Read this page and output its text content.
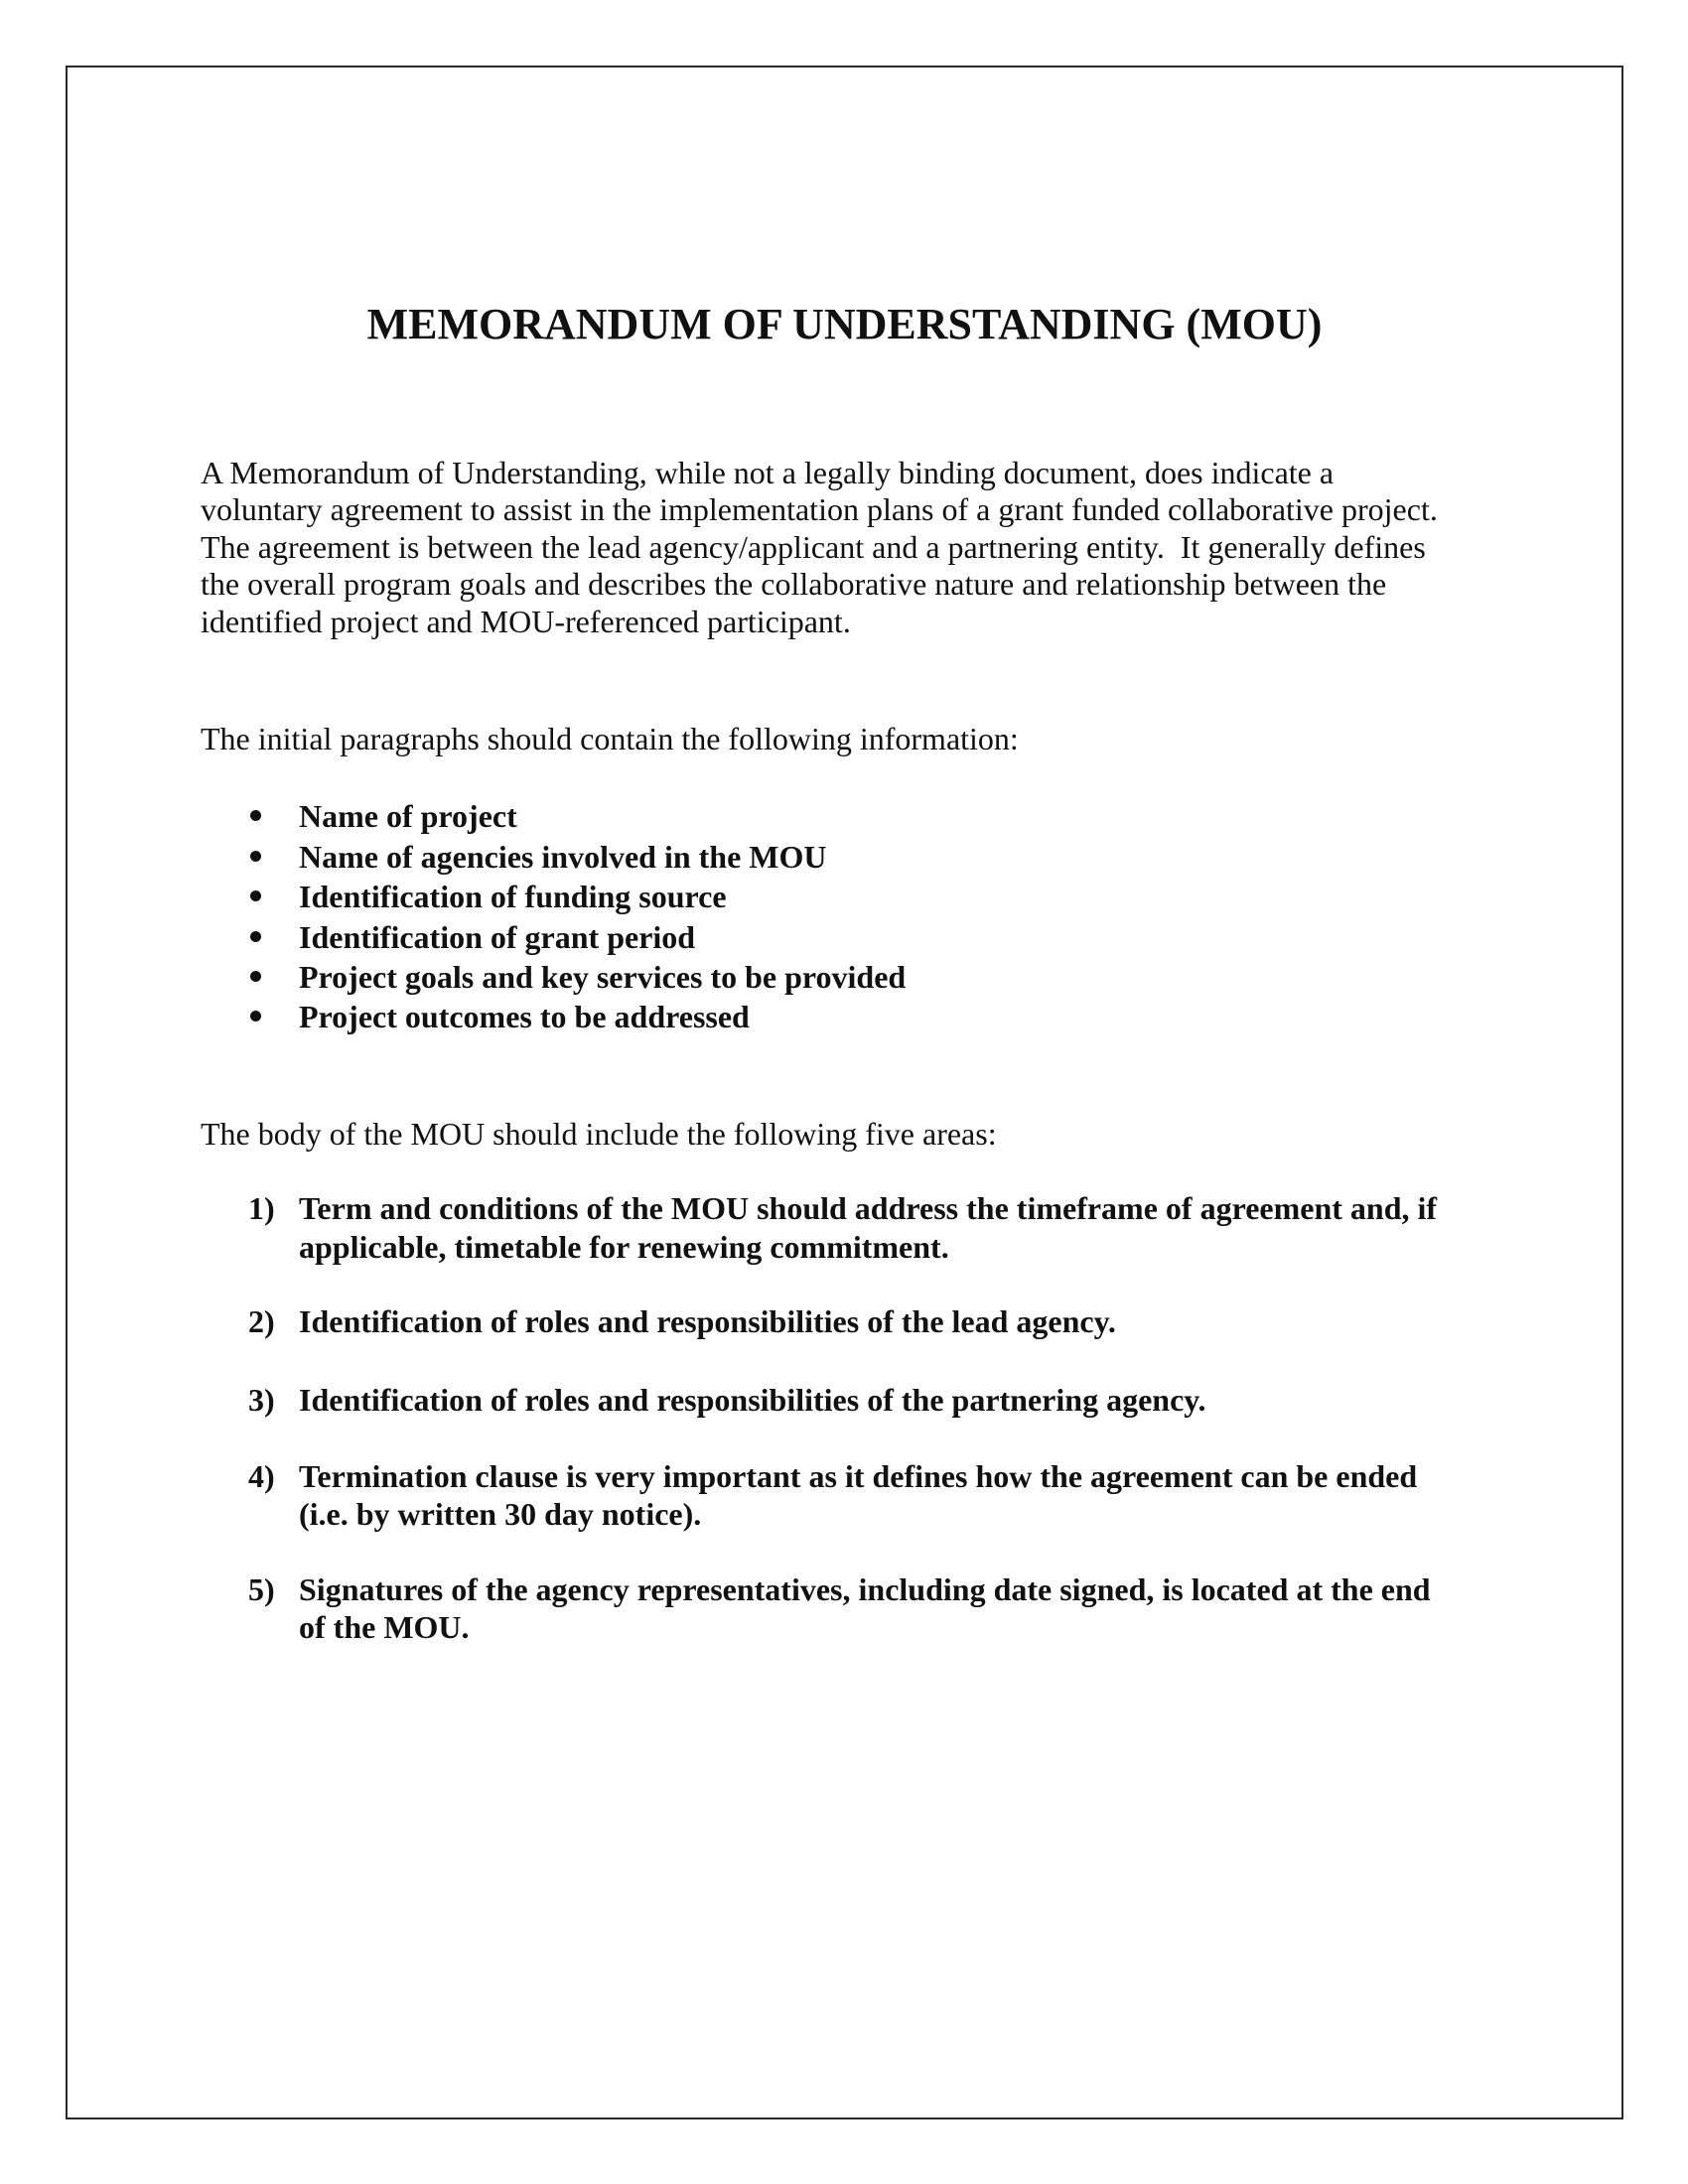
MEMORANDUM OF UNDERSTANDING (MOU)
A Memorandum of Understanding, while not a legally binding document, does indicate a
voluntary agreement to assist in the implementation plans of a grant funded collaborative project.
The agreement is between the lead agency/applicant and a partnering entity.  It generally defines
the overall program goals and describes the collaborative nature and relationship between the
identified project and MOU-referenced participant.
The initial paragraphs should contain the following information:
Name of project
Name of agencies involved in the MOU
Identification of funding source
Identification of grant period
Project goals and key services to be provided
Project outcomes to be addressed
The body of the MOU should include the following five areas:
1) Term and conditions of the MOU should address the timeframe of agreement and, if
applicable, timetable for renewing commitment.
2) Identification of roles and responsibilities of the lead agency.
3) Identification of roles and responsibilities of the partnering agency.
4) Termination clause is very important as it defines how the agreement can be ended
(i.e. by written 30 day notice).
5) Signatures of the agency representatives, including date signed, is located at the end
of the MOU.
